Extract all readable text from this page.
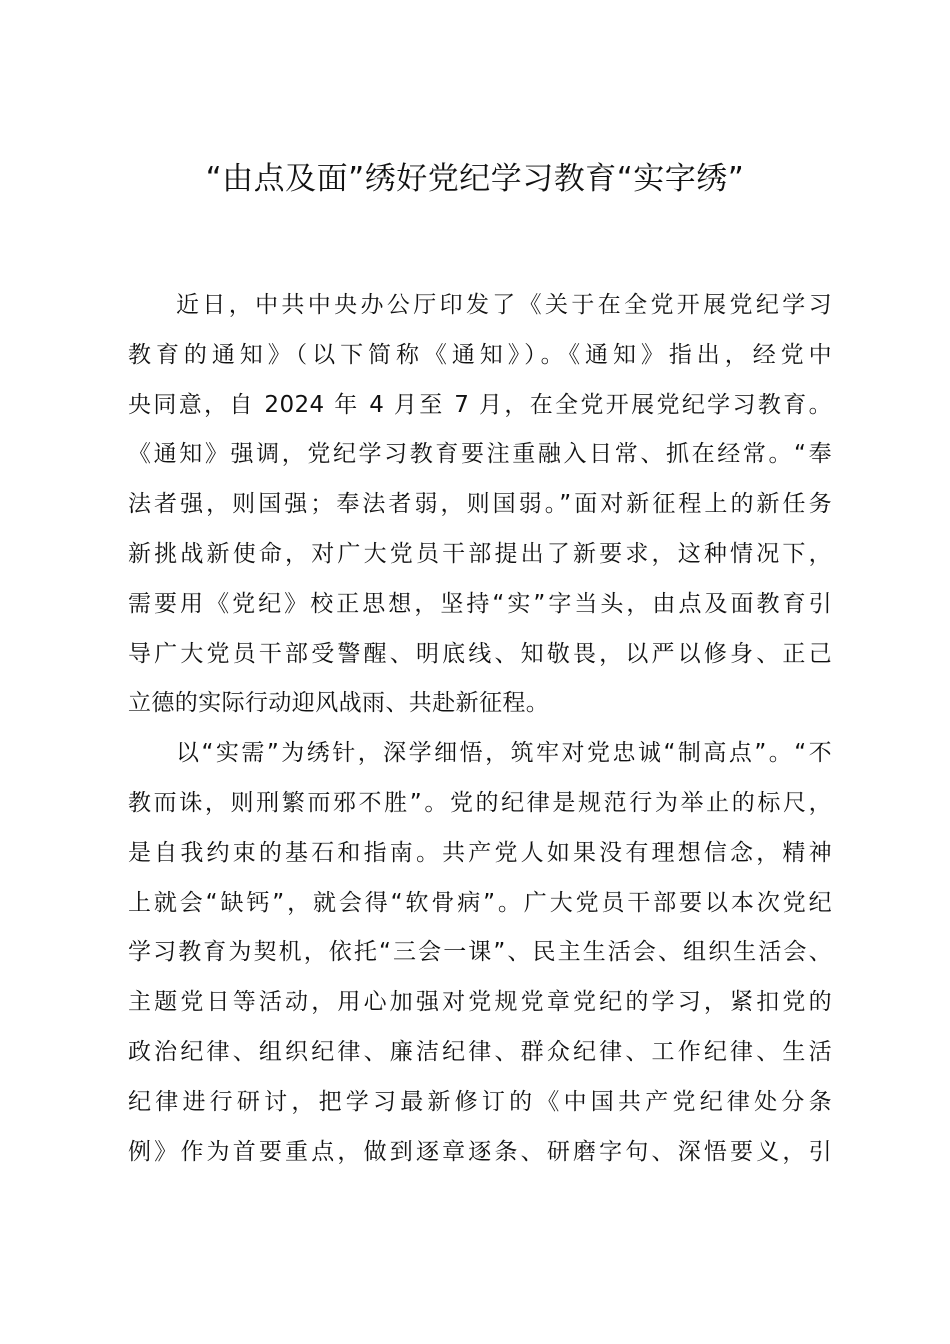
“由点及面”绣好党纪学习教育“实字绣”
近日，中共中央办公厅印发了《关于在全党开展党纪学习
教育的通知》（以下简称《通知》）。《通知》指出，经党中
央同意，自 2024 年 4 月至 7 月，在全党开展党纪学习教育。
《通知》强调，党纪学习教育要注重融入日常、抓在经常。“奉
法者强，则国强；奉法者弱，则国弱。”面对新征程上的新任务
新挑战新使命，对广大党员干部提出了新要求，这种情况下，
需要用《党纪》校正思想，坚持“实”字当头，由点及面教育引
导广大党员干部受警醒、明底线、知敬畏，以严以修身、正己
立德的实际行动迎风战雨、共赴新征程。
以“实需”为绣针，深学细悟，筑牢对党忠诚“制高点”。“不
教而诛，则刑繁而邪不胜”。党的纪律是规范行为举止的标尺，
是自我约束的基石和指南。共产党人如果没有理想信念，精神
上就会“缺钙”，就会得“软骨病”。广大党员干部要以本次党纪
学习教育为契机，依托“三会一课”、民主生活会、组织生活会、
主题党日等活动，用心加强对党规党章党纪的学习，紧扣党的
政治纪律、组织纪律、廉洁纪律、群众纪律、工作纪律、生活
纪律进行研讨，把学习最新修订的《中国共产党纪律处分条
例》作为首要重点，做到逐章逐条、研磨字句、深悟要义，引
